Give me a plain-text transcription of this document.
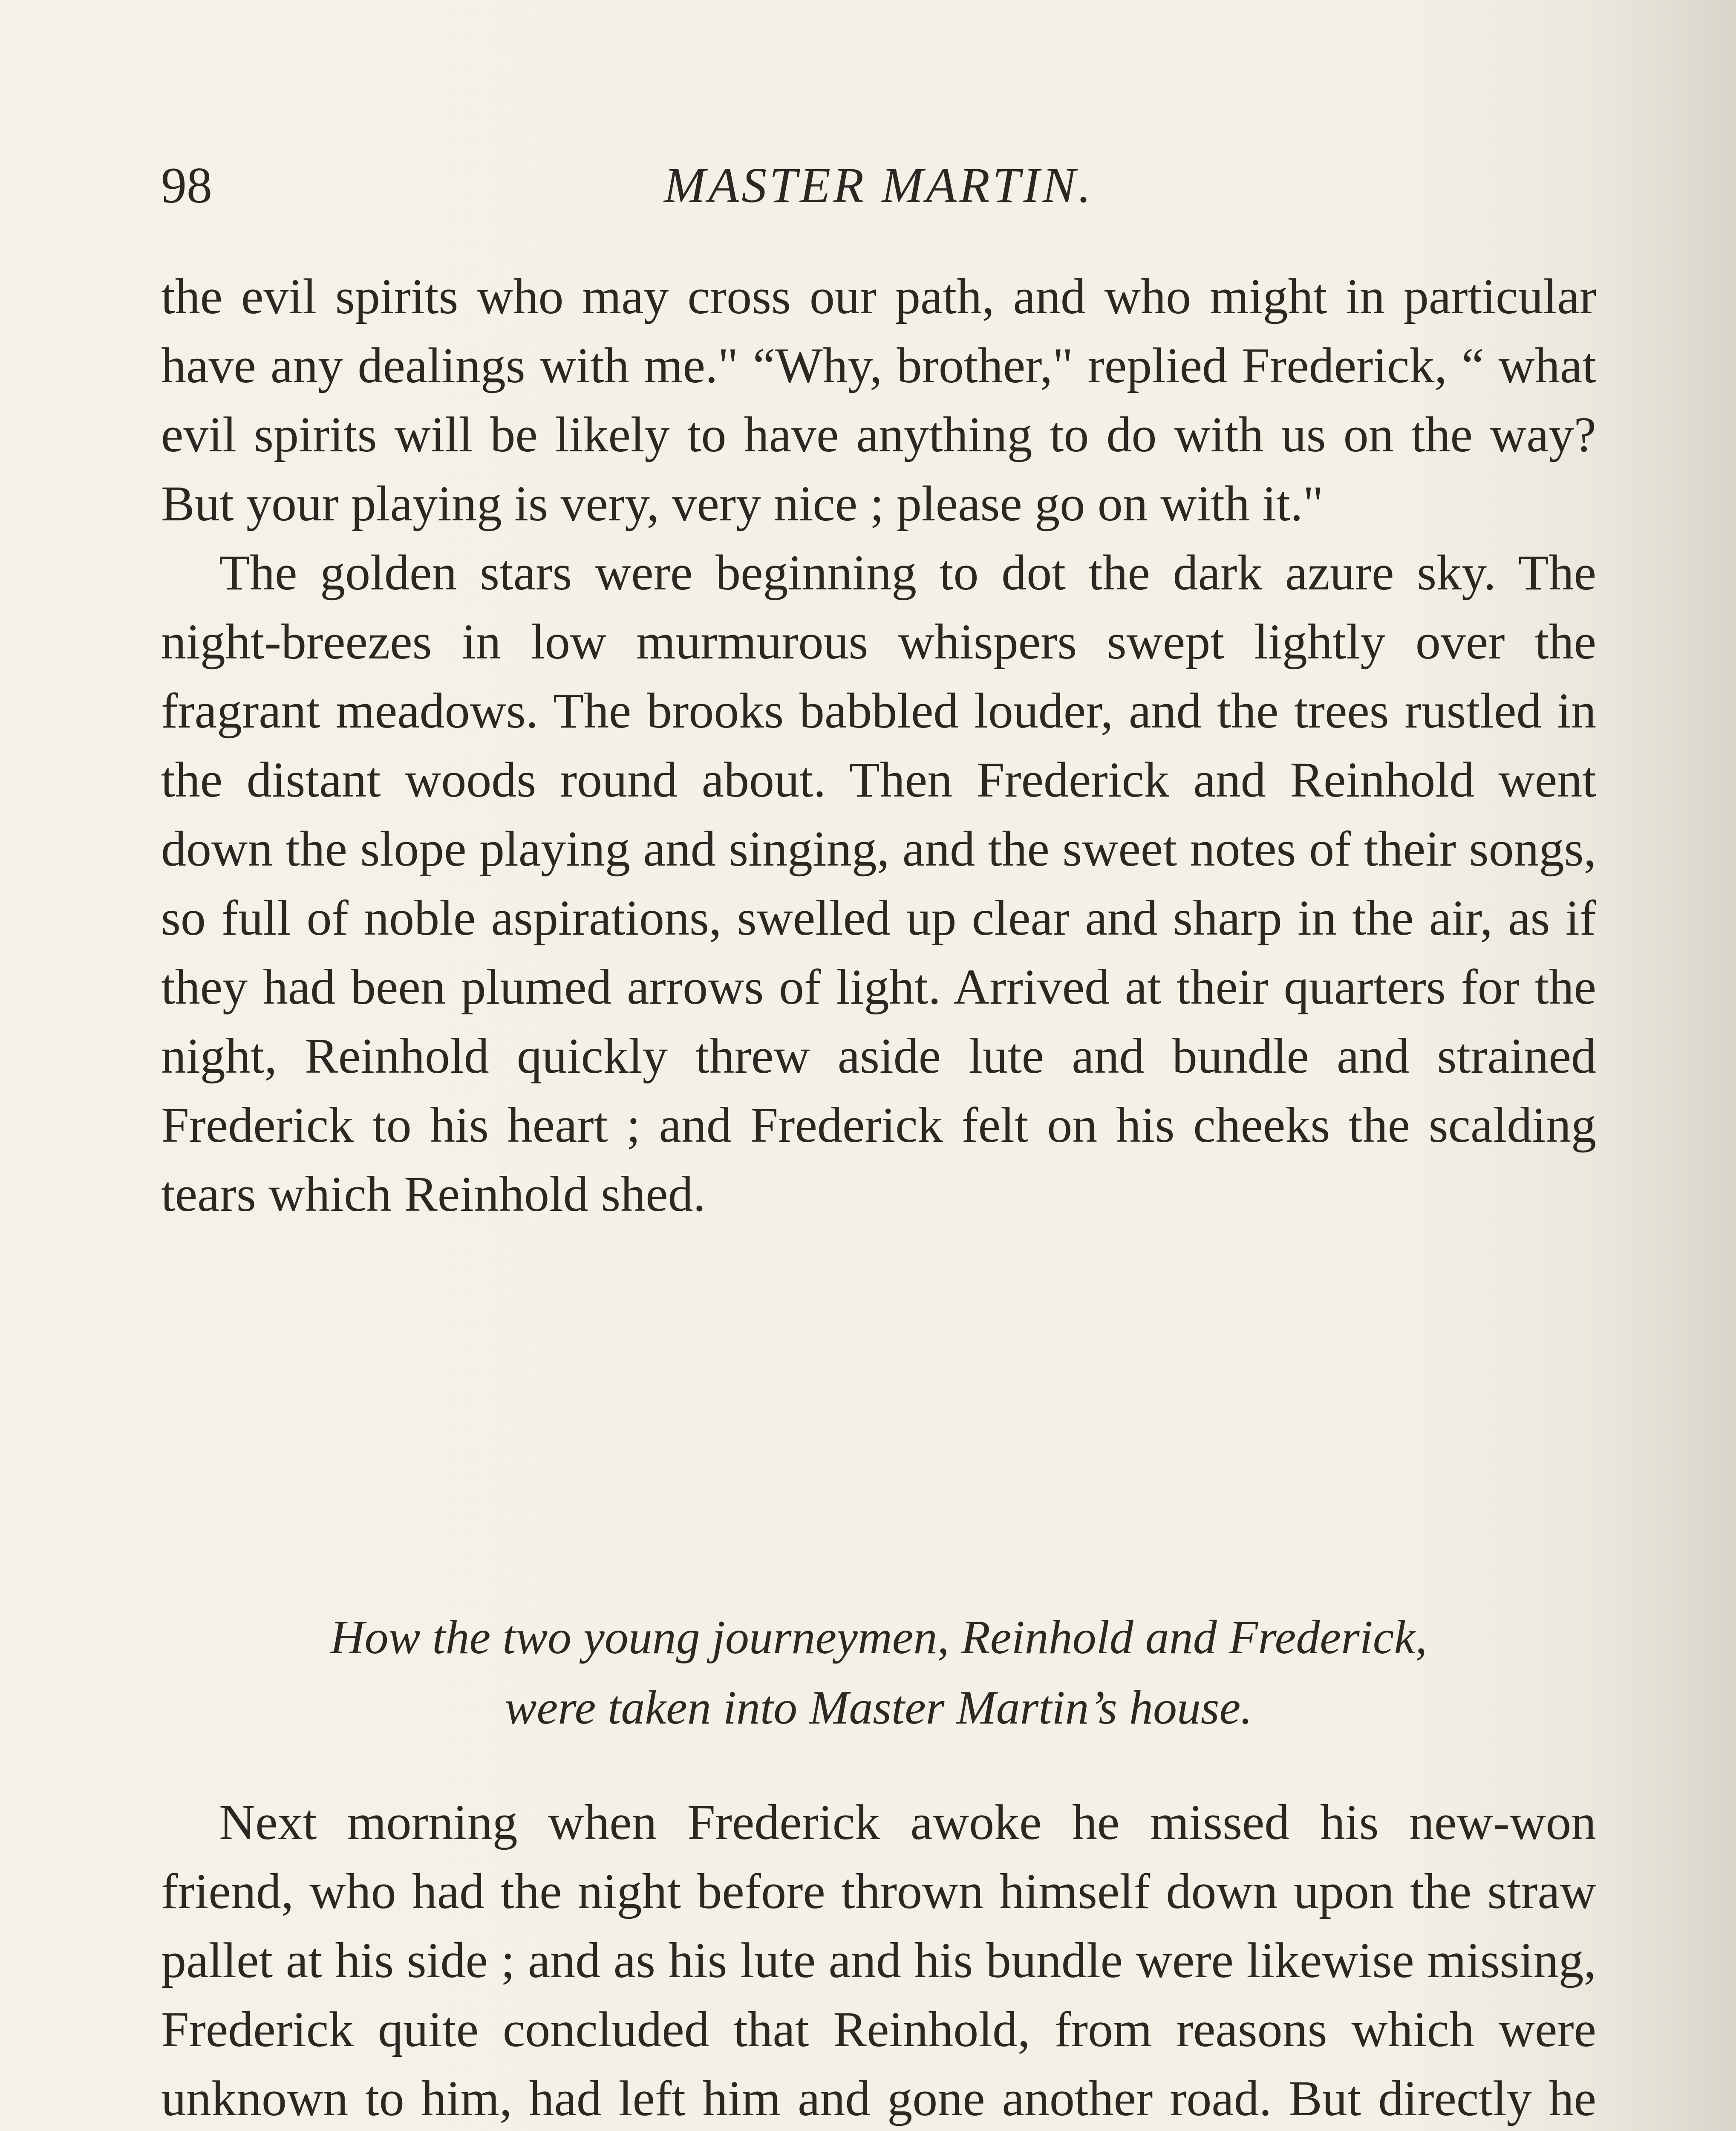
98	MASTER MARTIN.

the evil spirits who may cross our path, and who might in particular have any dealings with me." “Why, brother," replied Frederick, “ what evil spirits will be likely to have anything to do with us on the way? But your playing is very, very nice ; please go on with it."

The golden stars were beginning to dot the dark azure sky. The night-breezes in low murmurous whispers swept lightly over the fragrant meadows. The brooks babbled louder, and the trees rustled in the distant woods round about. Then Frederick and Reinhold went down the slope playing and singing, and the sweet notes of their songs, so full of noble aspirations, swelled up clear and sharp in the air, as if they had been plumed arrows of light. Arrived at their quarters for the night, Reinhold quickly threw aside lute and bundle and strained Frederick to his heart ; and Frederick felt on his cheeks the scalding tears which Reinhold shed.

How the two young journeymen, Reinhold and Frederick,
were taken into Master Martin’s house.

Next morning when Frederick awoke he missed his new-won friend, who had the night before thrown himself down upon the straw pallet at his side ; and as his lute and his bundle were likewise missing, Frederick quite concluded that Reinhold, from reasons which were unknown to him, had left him and gone another road. But directly he
